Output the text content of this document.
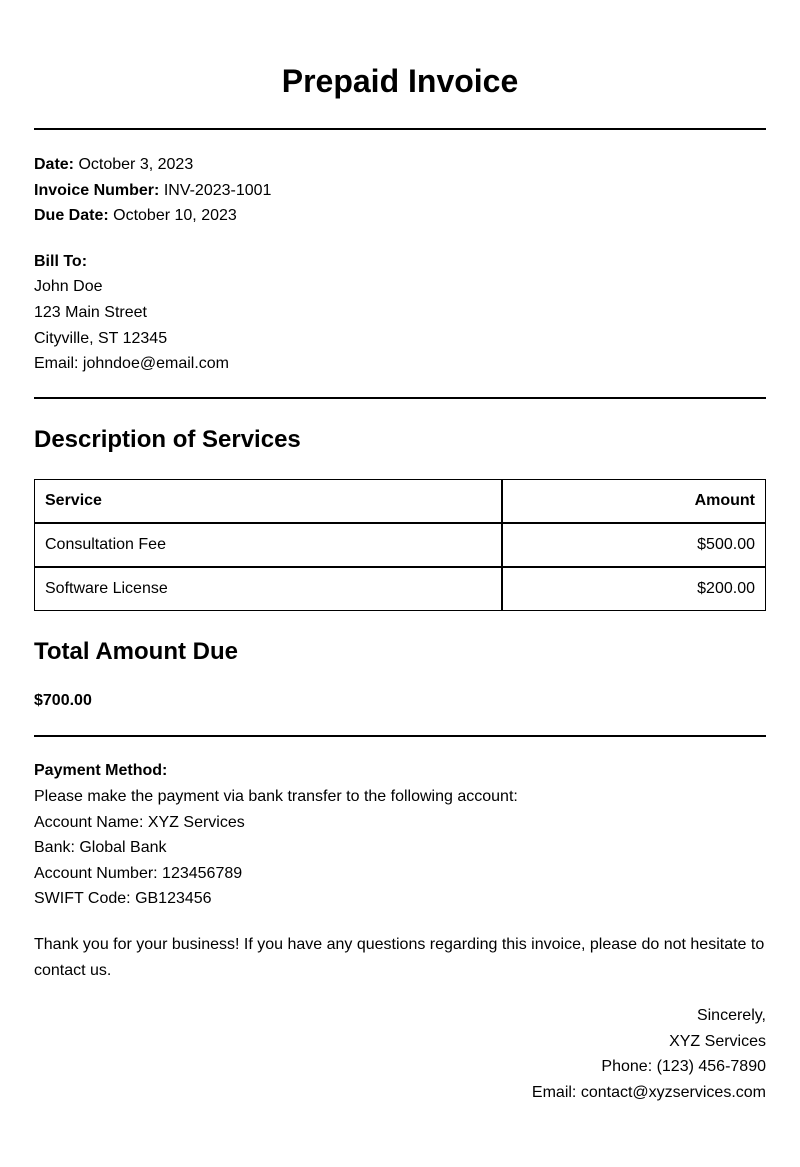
Prepaid Invoice
Date: October 3, 2023
Invoice Number: INV-2023-1001
Due Date: October 10, 2023
Bill To:
John Doe
123 Main Street
Cityville, ST 12345
Email: johndoe@email.com
Description of Services
Service	Amount
Consultation Fee	$500.00
Software License	$200.00
Total Amount Due
$700.00
Payment Method:
Please make the payment via bank transfer to the following account:
Account Name: XYZ Services
Bank: Global Bank
Account Number: 123456789
SWIFT Code: GB123456
Thank you for your business! If you have any questions regarding this invoice, please do not hesitate to contact us.
Sincerely,
XYZ Services
Phone: (123) 456-7890
Email: contact@xyzservices.com
